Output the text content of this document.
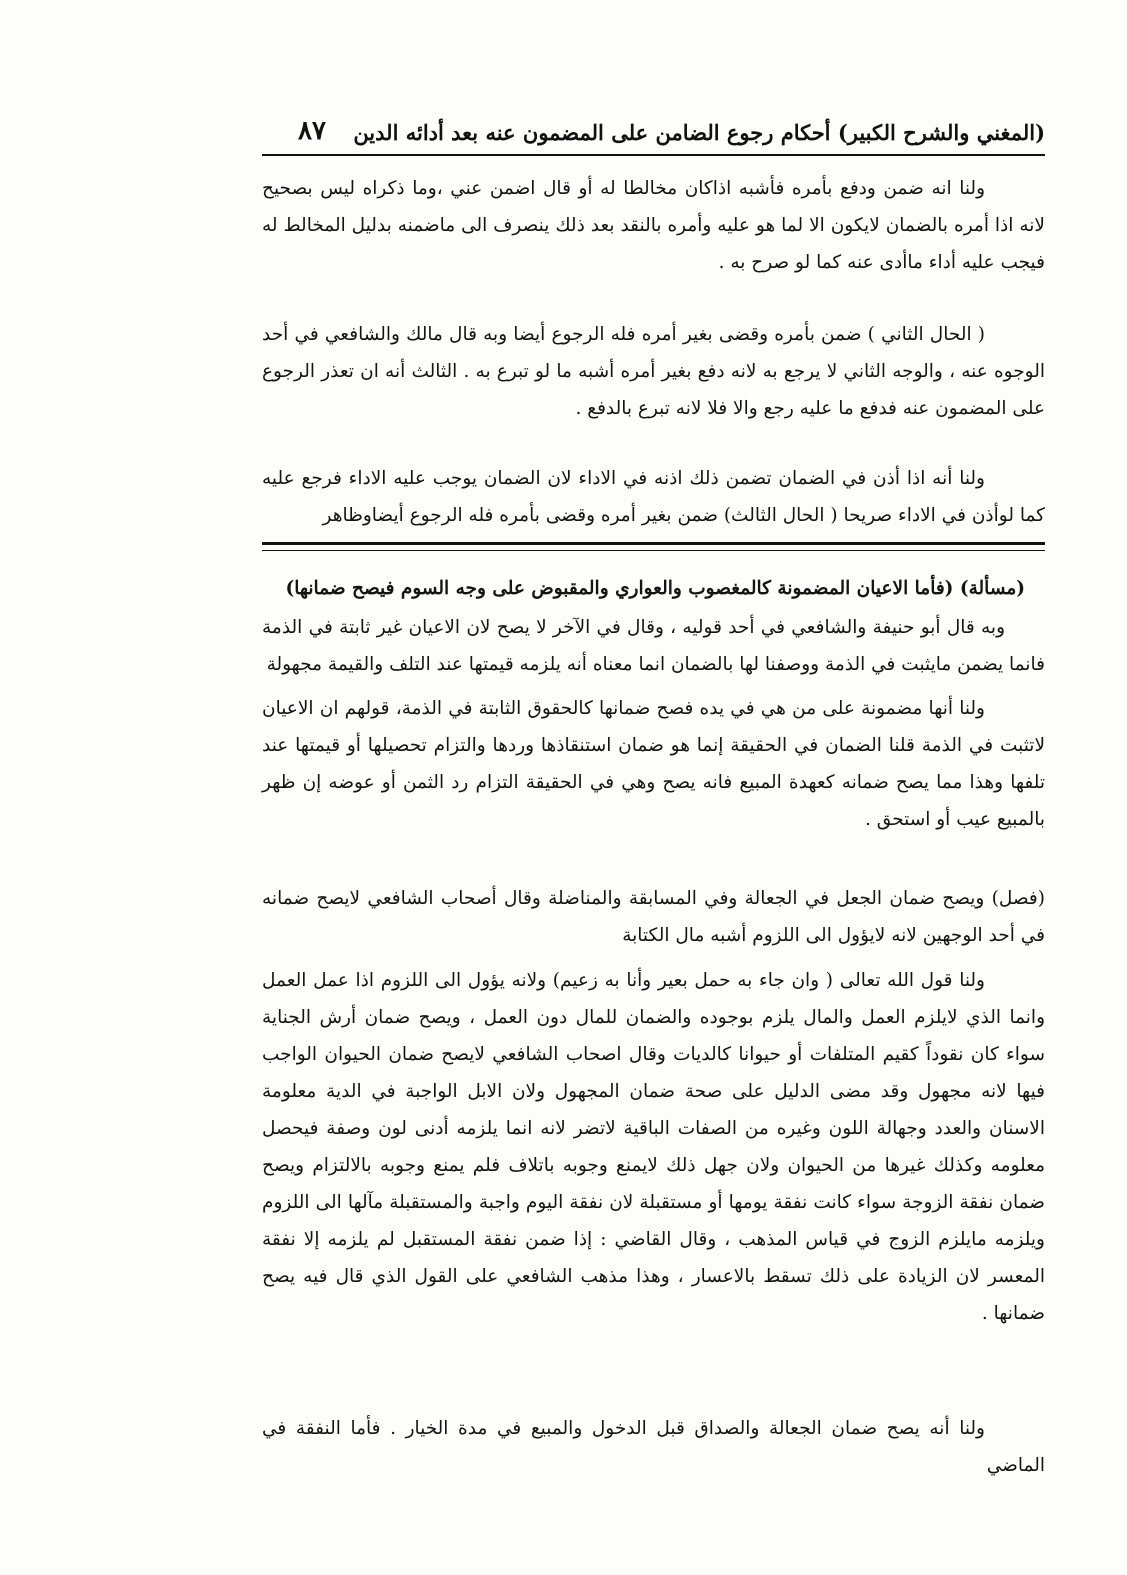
(المغني والشرح الكبير) أحكام رجوع الضامن على المضمون عنه بعد أدائه الدين
٨٧
ولنا انه ضمن ودفع بأمره فأشبه اذاكان مخالطا له أو قال اضمن عني ،وما ذكراه ليس بصحيح لانه اذا أمره بالضمان لايكون الا لما هو عليه وأمره بالنقد بعد ذلك ينصرف الى ماضمنه بدليل المخالط له فيجب عليه أداء ماأدى عنه كما لو صرح به .
( الحال الثاني ) ضمن بأمره وقضى بغير أمره فله الرجوع أيضا وبه قال مالك والشافعي في أحد الوجوه عنه ، والوجه الثاني لا يرجع به لانه دفع بغير أمره أشبه ما لو تبرع به . الثالث أنه ان تعذر الرجوع على المضمون عنه فدفع ما عليه رجع والا فلا لانه تبرع بالدفع .
ولنا أنه اذا أذن في الضمان تضمن ذلك اذنه في الاداء لان الضمان يوجب عليه الاداء فرجع عليه كما لوأذن في الاداء صريحا ( الحال الثالث) ضمن بغير أمره وقضى بأمره فله الرجوع أيضاوظاهر
(مسألة) (فأما الاعيان المضمونة كالمغصوب والعواري والمقبوض على وجه السوم فيصح ضمانها)
وبه قال أبو حنيفة والشافعي في أحد قوليه ، وقال في الآخر لا يصح لان الاعيان غير ثابتة في الذمة فانما يضمن مايثبت في الذمة ووصفنا لها بالضمان انما معناه أنه يلزمه قيمتها عند التلف والقيمة مجهولة
ولنا أنها مضمونة على من هي في يده فصح ضمانها كالحقوق الثابتة في الذمة، قولهم ان الاعيان لاتثبت في الذمة قلنا الضمان في الحقيقة إنما هو ضمان استنقاذها وردها والتزام تحصيلها أو قيمتها عند تلفها وهذا مما يصح ضمانه كعهدة المبيع فانه يصح وهي في الحقيقة التزام رد الثمن أو عوضه إن ظهر بالمبيع عيب أو استحق .
(فصل) ويصح ضمان الجعل في الجعالة وفي المسابقة والمناضلة وقال أصحاب الشافعي لايصح ضمانه في أحد الوجهين لانه لايؤول الى اللزوم أشبه مال الكتابة
ولنا قول الله تعالى ( وان جاء به حمل بعير وأنا به زعيم) ولانه يؤول الى اللزوم اذا عمل العمل وانما الذي لايلزم العمل والمال يلزم بوجوده والضمان للمال دون العمل ، ويصح ضمان أرش الجناية سواء كان نقوداً كقيم المتلفات أو حيوانا كالديات وقال اصحاب الشافعي لايصح ضمان الحيوان الواجب فيها لانه مجهول وقد مضى الدليل على صحة ضمان المجهول ولان الابل الواجبة في الدية معلومة الاسنان والعدد وجهالة اللون وغيره من الصفات الباقية لاتضر لانه انما يلزمه أدنى لون وصفة فيحصل معلومه وكذلك غيرها من الحيوان ولان جهل ذلك لايمنع وجوبه باتلاف فلم يمنع وجوبه بالالتزام ويصح ضمان نفقة الزوجة سواء كانت نفقة يومها أو مستقبلة لان نفقة اليوم واجبة والمستقبلة مآلها الى اللزوم ويلزمه مايلزم الزوج في قياس المذهب ، وقال القاضي : إذا ضمن نفقة المستقبل لم يلزمه إلا نفقة المعسر لان الزيادة على ذلك تسقط بالاعسار ، وهذا مذهب الشافعي على القول الذي قال فيه يصح ضمانها .
ولنا أنه يصح ضمان الجعالة والصداق قبل الدخول والمبيع في مدة الخيار . فأما النفقة في الماضي
